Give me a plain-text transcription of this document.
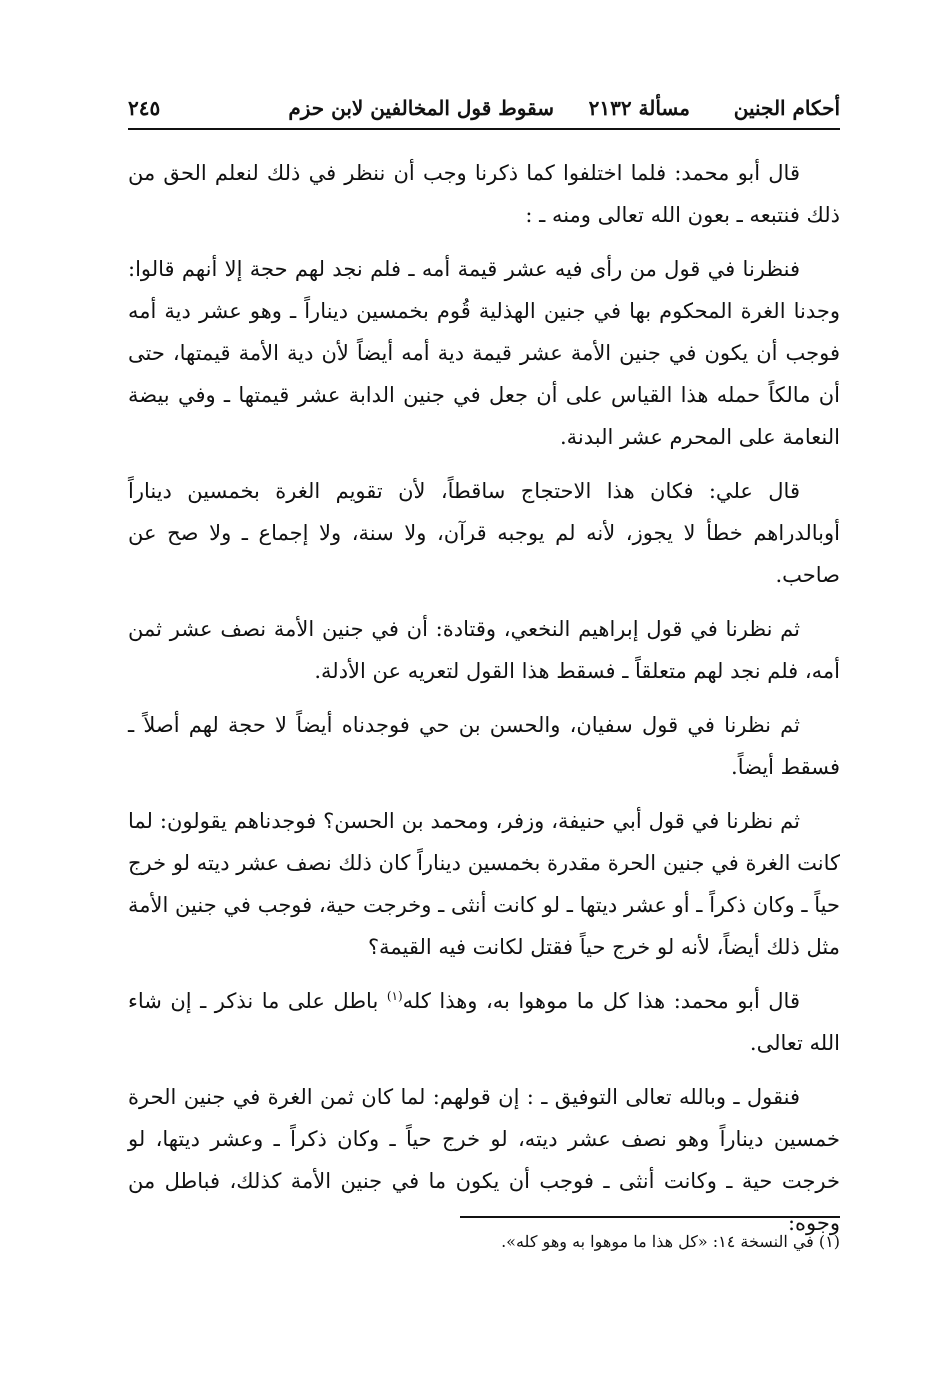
أحكام الجنين
مسألة ٢١٣٢
سقوط قول المخالفين لابن حزم
٢٤٥

قال أبو محمد: فلما اختلفوا كما ذكرنا وجب أن ننظر في ذلك لنعلم الحق من ذلك فنتبعه ـ بعون الله تعالى ومنه ـ :

فنظرنا في قول من رأى فيه عشر قيمة أمه ـ فلم نجد لهم حجة إلا أنهم قالوا: وجدنا الغرة المحكوم بها في جنين الهذلية قُوم بخمسين ديناراً ـ وهو عشر دية أمه فوجب أن يكون في جنين الأمة عشر قيمة دية أمه أيضاً لأن دية الأمة قيمتها، حتى أن مالكاً حمله هذا القياس على أن جعل في جنين الدابة عشر قيمتها ـ وفي بيضة النعامة على المحرم عشر البدنة.

قال علي: فكان هذا الاحتجاج ساقطاً، لأن تقويم الغرة بخمسين ديناراً أوبالدراهم خطأ لا يجوز، لأنه لم يوجبه قرآن، ولا سنة، ولا إجماع ـ ولا صح عن صاحب.

ثم نظرنا في قول إبراهيم النخعي، وقتادة: أن في جنين الأمة نصف عشر ثمن أمه، فلم نجد لهم متعلقاً ـ فسقط هذا القول لتعريه عن الأدلة.

ثم نظرنا في قول سفيان، والحسن بن حي فوجدناه أيضاً لا حجة لهم أصلاً ـ فسقط أيضاً.

ثم نظرنا في قول أبي حنيفة، وزفر، ومحمد بن الحسن؟ فوجدناهم يقولون: لما كانت الغرة في جنين الحرة مقدرة بخمسين ديناراً كان ذلك نصف عشر ديته لو خرج حياً ـ وكان ذكراً ـ أو عشر ديتها ـ لو كانت أنثى ـ وخرجت حية، فوجب في جنين الأمة مثل ذلك أيضاً، لأنه لو خرج حياً فقتل لكانت فيه القيمة؟

قال أبو محمد: هذا كل ما موهوا به، وهذا كله$^{(١)}$ باطل على ما نذكر ـ إن شاء الله تعالى.

فنقول ـ وبالله تعالى التوفيق ـ : إن قولهم: لما كان ثمن الغرة في جنين الحرة خمسين ديناراً وهو نصف عشر ديته، لو خرج حياً ـ وكان ذكراً ـ وعشر ديتها، لو خرجت حية ـ وكانت أنثى ـ فوجب أن يكون ما في جنين الأمة كذلك، فباطل من وجوه:

(١) في النسخة ١٤: «كل هذا ما موهوا به وهو كله».
